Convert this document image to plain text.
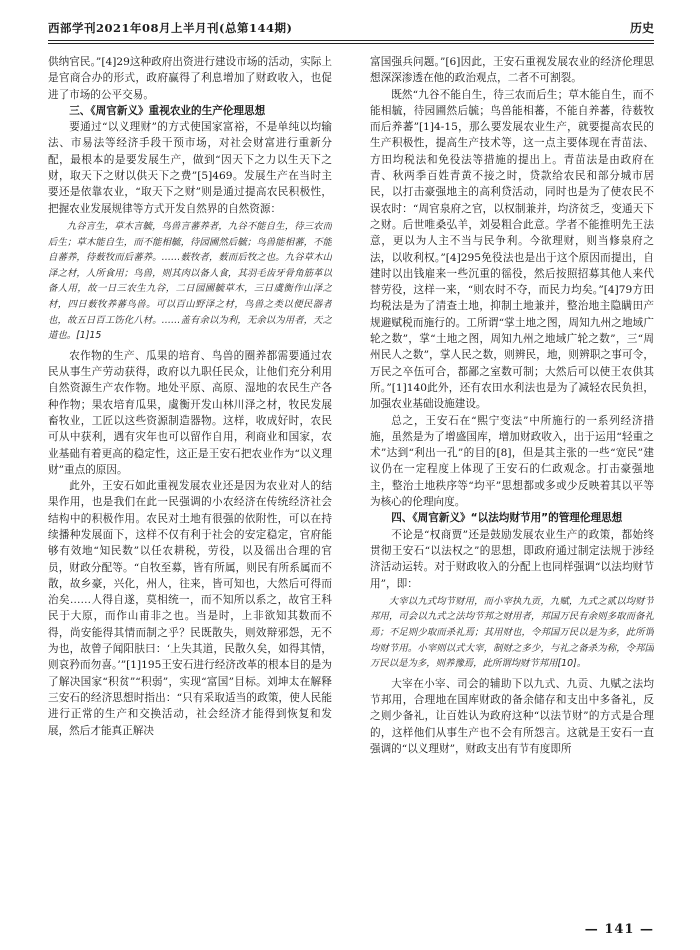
西部学刊2021年08月上半月刊(总第144期)	历史

供纳官民。”[4]29这种政府出资进行建设市场的活动，实际上是官商合办的形式，政府赢得了利息增加了财政收入，也促进了市场的公平交易。

三、《周官新义》重视农业的生产伦理思想

要通过“以义理财”的方式使国家富裕，不是单纯以均输法、市易法等经济手段干预市场，对社会财富进行重新分配，最根本的是要发展生产，做到“因天下之力以生天下之财，取天下之财以供天下之费”[5]469。发展生产在当时主要还是依靠农业，“取天下之财”则是通过提高农民积极性，把握农业发展规律等方式开发自然界的自然资源：

九谷言生，草木言毓，鸟兽言蕃养者，九谷不能自生，待三农而后生；草木能自生，而不能相毓，待园圃然后毓；鸟兽能相蕃，不能自蕃养，待薮牧而后蕃养。……薮牧者，薮而后牧之也。九谷草木山泽之材，人所食用；鸟兽，则其肉以备人食，其羽毛齿牙骨角筋革以备人用，故一日三农生九谷，二日园圃毓草木，三日虞衡作山泽之材，四日薮牧养蕃鸟兽。可以百山野泽之材，鸟兽之类以便民器者也，故五日百工饬化八材。……盖有余以为利，无余以为用者，天之道也。[1]15

农作物的生产、瓜果的培育、鸟兽的圈养都需要通过农民从事生产劳动获得，政府以九职任民众，让他们充分利用自然资源生产农作物。地处平原、高原、湿地的农民生产各种作物；果农培育瓜果，虞衡开发山林川泽之材，牧民发展畜牧业，工匠以这些资源制造器物。这样，收成好时，农民可从中获利，遇有灾年也可以留作自用，利商业和国家，农业基础有着更高的稳定性，这正是王安石把农业作为“以义理财”重点的原因。

此外，王安石如此重视发展农业还是因为农业对人的结果作用，也是我们在此一民强调的小农经济在传统经济社会结构中的积极作用。农民对土地有很强的依附性，可以在持续播种发展面下，这样不仅有利于社会的安定稳定，官府能够有效地“知民数”以任农耕税，劳役，以及徭出合理的官员，财政分配等。“自牧至募，皆有所属，则民有所系属而不散，故乡豪，兴化，州人，往来，皆可知也，大然后可得而治矣……人得自遂，莫相统一，而不知所以系之，故官王科民于大原，而作山甫非之也。当是时，上非欲知其数而不得，尚安能得其情而制之乎？民既散失，则效辩邪怨，无不为也，故曾子闻阳肤曰：‘上失其道，民散久矣，如得其情，则哀矜而勿喜。’”[1]195王安石进行经济改革的根本目的是为了解决国家“积贫”“积弱”，实现“富国”目标。刘坤太在解释三安石的经济思想时指出：“只有采取适当的政策，使人民能进行正常的生产和交换活动，社会经济才能得到恢复和发展，然后才能真正解决

富国强兵问题。”[6]因此，王安石重视发展农业的经济伦理思想深深渗透在他的政治观点，二者不可割裂。

既然“九谷不能自生，待三农而后生；草木能自生，而不能相毓，待园圃然后毓；鸟兽能相蕃，不能自养蕃，待薮牧而后养蕃”[1]4-15，那么要发展农业生产，就要提高农民的生产积极性，提高生产技术等，这一点主要体现在青苗法、方田均税法和免役法等措施的提出上。青苗法是由政府在青、秋两季百姓青黄不接之时，贷款给农民和部分城市居民，以打击豪强地主的高利贷活动，同时也是为了使农民不误农时：“周官泉府之官，以权制兼并，均济贫乏，变通天下之财。后世唯桑弘羊，刘晏粗合此意。学者不能推明先王法意，更以为人主不当与民争利。今欲理财，则当修泉府之法，以收利权。”[4]295免役法也是出于这个原因而提出，自建时以出钱雇来一些沉重的徭役，然后按照招募其他人来代替劳役，这样一来，“则农时不夺，而民力均矣。”[4]79方田均税法是为了清查土地，抑制土地兼并，整治地主隐瞒田产规避赋税而施行的。工所谓“掌土地之图，周知九州之地域广轮之数”，掌“土地之图，周知九州之地域广轮之数”，三“周州民人之数”，掌人民之数，则辨民，地，则辨职之事可令，万民之卒伍可合，都鄙之室数可制；大然后可以使王农供其所。”[1]140此外，还有农田水利法也是为了减轻农民负担，加强农业基础设施建设。

总之，王安石在“熙宁变法”中所施行的一系列经济措施，虽然是为了增盛国库，增加财政收入，出于运用“轻重之术”达到“利出一孔”的目的[8]，但是其主张的一些“宽民”建议仍在一定程度上体现了王安石的仁政观念。打击豪强地主，整治土地秩序等“均平”思想都或多或少反映着其以平等为核心的伦理向度。

四、《周官新义》“以法均财节用”的管理伦理思想

不论是“权商贾”还是鼓励发展农业生产的政策，都始终贯彻王安石“以法权之”的思想，即政府通过制定法规于涉经济活动运转。对于财政收入的分配上也同样强调“以法均财节用”，即：

大宰以九式均节财用，而小宰执九贡，九赋，九式之贰以均财节邦用，司会以九式之法均节邦之财用者，邦国万民有余则多取而备礼焉；不足则少取而杀礼焉；其用财也，令邦国万民以是为多，此所谓均财节用。小宰则以式大宰，制财之多少，与礼之备杀为称，令邦国万民以是为多，则养豫焉，此所谓均财节邦用[10]。

大宰在小宰、司会的辅助下以九式、九贡、九赋之法均节邦用，合理地在国库财政的备余储存和支出中多备礼，反之则少备礼，让百姓认为政府这种“以法节财”的方式是合理的，这样他们从事生产也不会有所怨言。这就是王安石一直强调的“以义理财”，财政支出有节有度即所

— 141 —
